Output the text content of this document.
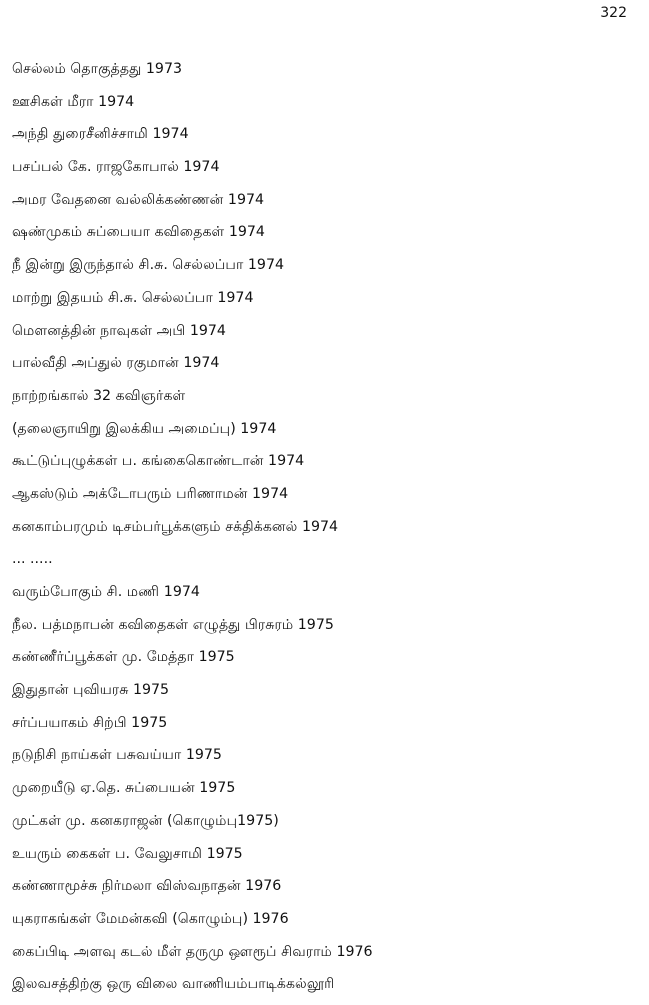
322
செல்லம் தொகுத்தது 1973
ஊசிகள் மீரா 1974
அந்தி துரைசீனிச்சாமி 1974
பசப்பல் கே. ராஜகோபால் 1974
அமர வேதனை வல்லிக்கண்ணன் 1974
ஷண்முகம் சுப்பையா கவிதைகள் 1974
நீ இன்று இருந்தால் சி.சு. செல்லப்பா 1974
மாற்று இதயம் சி.சு. செல்லப்பா 1974
மௌனத்தின் நாவுகள் அபி 1974
பால்வீதி அப்துல் ரகுமான் 1974
நாற்றங்கால் 32 கவிஞர்கள்
(தலைஞாயிறு இலக்கிய அமைப்பு) 1974
கூட்டுப்புழுக்கள் ப. கங்கைகொண்டான் 1974
ஆகஸ்டும் அக்டோபரும் பரிணாமன் 1974
கனகாம்பரமும் டிசம்பர்பூக்களும் சக்திக்கனல் 1974
... .....
வரும்போகும் சி. மணி 1974
நீல. பத்மநாபன் கவிதைகள் எழுத்து பிரசுரம் 1975
கண்ணீர்ப்பூக்கள் மு. மேத்தா 1975
இதுதான் புவியரசு 1975
சர்ப்பயாகம் சிற்பி 1975
நடுநிசி நாய்கள் பசுவய்யா 1975
முறையீடு ஏ.தெ. சுப்பையன் 1975
முட்கள் மு. கனகராஜன் (கொழும்பு1975)
உயரும் கைகள் ப. வேலுசாமி 1975
கண்ணாமூச்சு நிர்மலா விஸ்வநாதன் 1976
யுகராகங்கள் மேமன்கவி (கொழும்பு) 1976
கைப்பிடி அளவு கடல் மீள் தருமு ஔரூப் சிவராம் 1976
இலவசத்திற்கு ஒரு விலை வாணியம்பாடிக்கல்லூரி
